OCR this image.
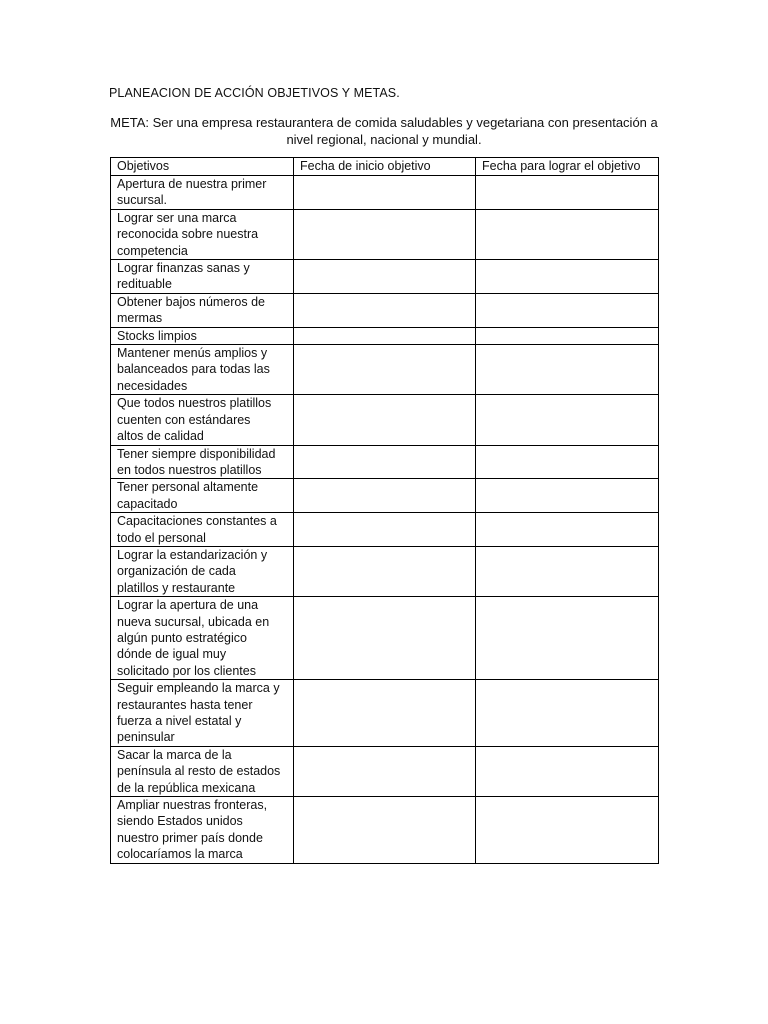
PLANEACION DE ACCIÓN OBJETIVOS Y METAS.
META: Ser una empresa restaurantera de comida saludables y vegetariana con presentación a
nivel regional, nacional y mundial.
Objetivos	Fecha de inicio objetivo	Fecha para lograr el objetivo

Apertura de nuestra primer
sucursal.		

Lograr ser una marca
reconocida sobre nuestra
competencia		

Lograr finanzas sanas y
redituable		

Obtener bajos números de
mermas		

Stocks limpios		

Mantener menús amplios y
balanceados para todas las
necesidades		

Que todos nuestros platillos
cuenten con estándares
altos de calidad		

Tener siempre disponibilidad
en todos nuestros platillos		

Tener personal altamente
capacitado		

Capacitaciones constantes a
todo el personal		

Lograr la estandarización y
organización de cada
platillos y restaurante		

Lograr la apertura de una
nueva sucursal, ubicada en
algún punto estratégico
dónde de igual muy
solicitado por los clientes		

Seguir empleando la marca y
restaurantes hasta tener
fuerza a nivel estatal y
peninsular		

Sacar la marca de la
península al resto de estados
de la república mexicana		

Ampliar nuestras fronteras,
siendo Estados unidos
nuestro primer país donde
colocaríamos la marca		
